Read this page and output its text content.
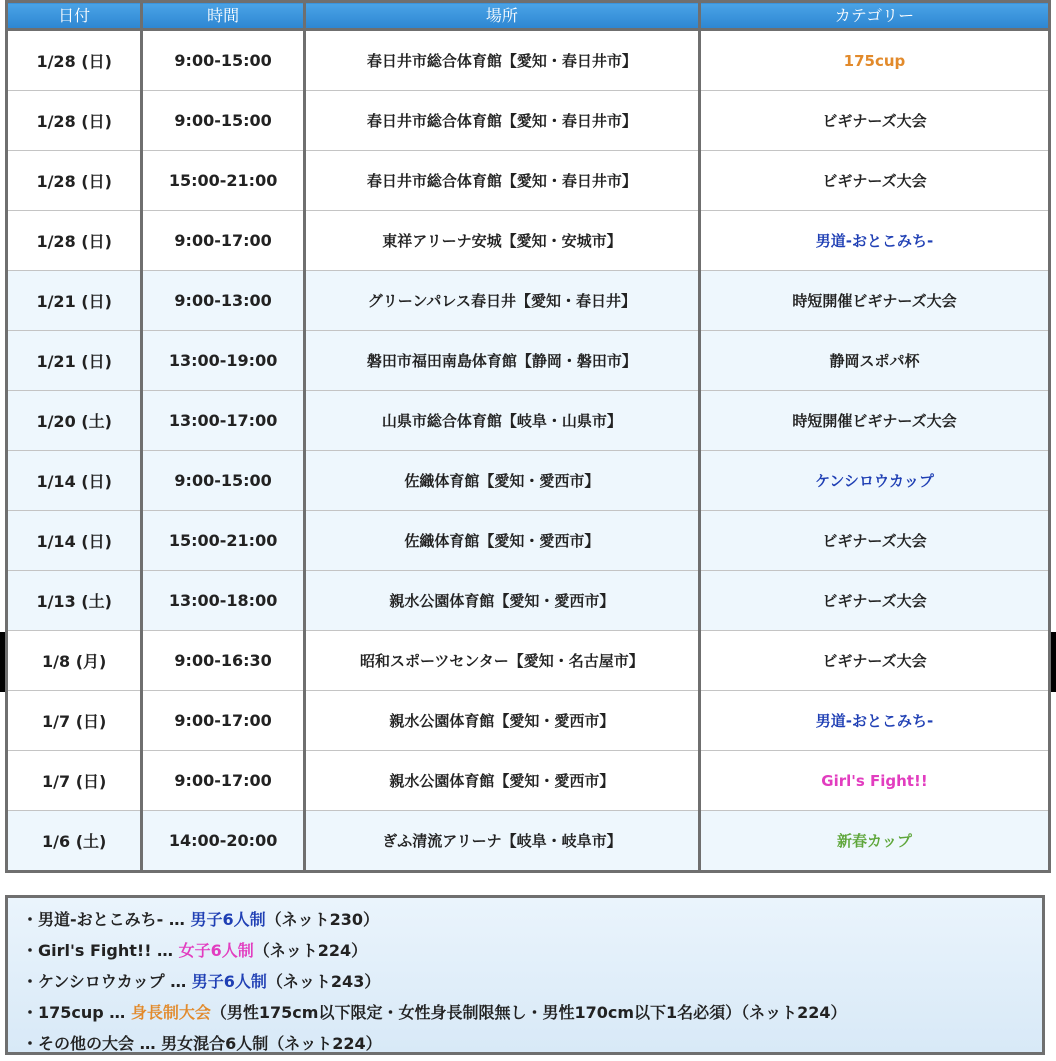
日付	時間	場所	カテゴリー
1/28 (日)	9:00-15:00	春日井市総合体育館【愛知・春日井市】	175cup
1/28 (日)	9:00-15:00	春日井市総合体育館【愛知・春日井市】	ビギナーズ大会
1/28 (日)	15:00-21:00	春日井市総合体育館【愛知・春日井市】	ビギナーズ大会
1/28 (日)	9:00-17:00	東祥アリーナ安城【愛知・安城市】	男道-おとこみち-
1/21 (日)	9:00-13:00	グリーンパレス春日井【愛知・春日井】	時短開催ビギナーズ大会
1/21 (日)	13:00-19:00	磐田市福田南島体育館【静岡・磐田市】	静岡スポパ杯
1/20 (土)	13:00-17:00	山県市総合体育館【岐阜・山県市】	時短開催ビギナーズ大会
1/14 (日)	9:00-15:00	佐織体育館【愛知・愛西市】	ケンシロウカップ
1/14 (日)	15:00-21:00	佐織体育館【愛知・愛西市】	ビギナーズ大会
1/13 (土)	13:00-18:00	親水公園体育館【愛知・愛西市】	ビギナーズ大会
1/8 (月)	9:00-16:30	昭和スポーツセンター【愛知・名古屋市】	ビギナーズ大会
1/7 (日)	9:00-17:00	親水公園体育館【愛知・愛西市】	男道-おとこみち-
1/7 (日)	9:00-17:00	親水公園体育館【愛知・愛西市】	Girl's Fight!!
1/6 (土)	14:00-20:00	ぎふ清流アリーナ【岐阜・岐阜市】	新春カップ
・男道-おとこみち- … 男子6人制（ネット230）
・Girl's Fight!! … 女子6人制（ネット224）
・ケンシロウカップ … 男子6人制（ネット243）
・175cup … 身長制大会（男性175cm以下限定・女性身長制限無し・男性170cm以下1名必須）（ネット224）
・その他の大会 … 男女混合6人制（ネット224）
